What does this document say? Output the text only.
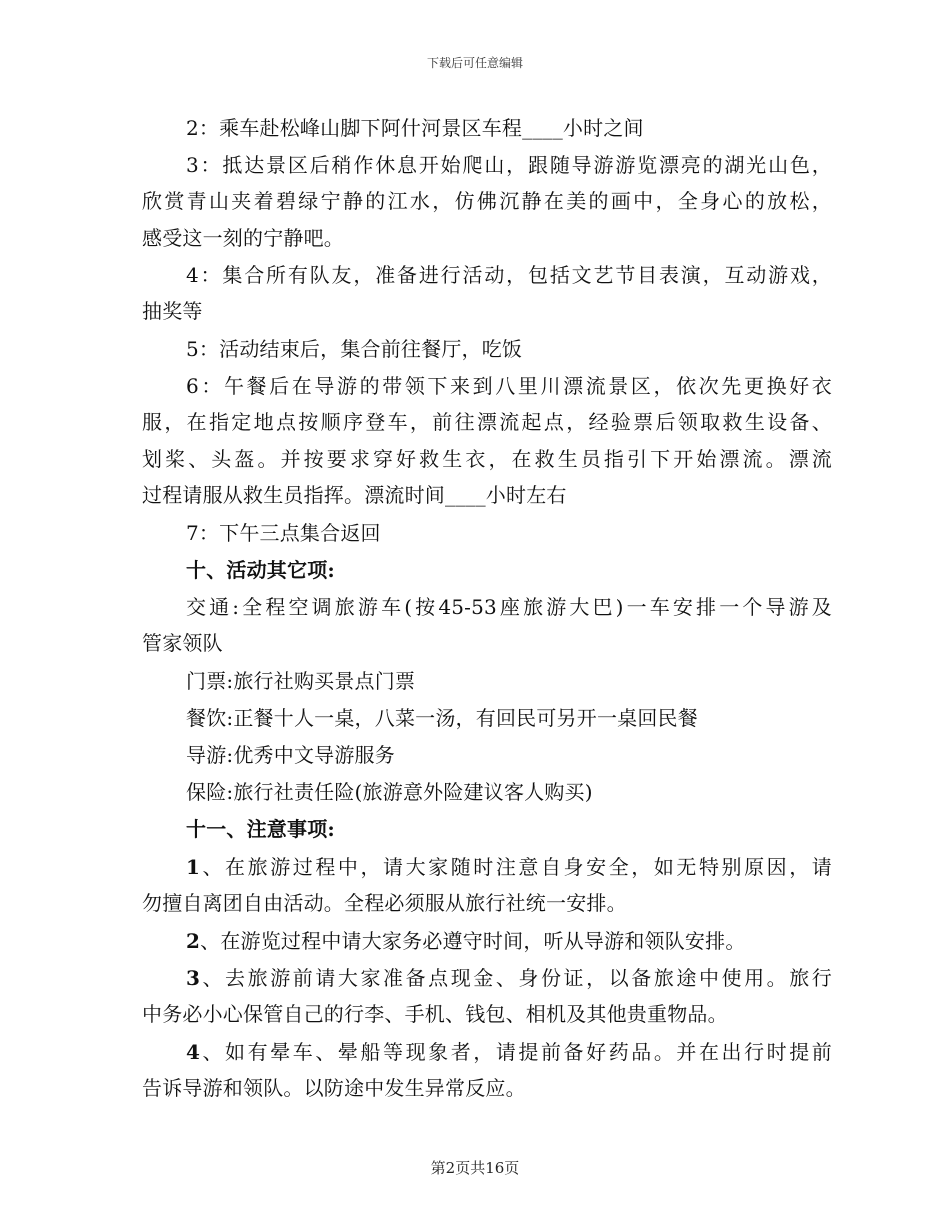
下载后可任意编辑
2：乘车赴松峰山脚下阿什河景区车程____小时之间
3：抵达景区后稍作休息开始爬山，跟随导游游览漂亮的湖光山色，
欣赏青山夹着碧绿宁静的江水，仿佛沉静在美的画中，全身心的放松，
感受这一刻的宁静吧。
4：集合所有队友，准备进行活动，包括文艺节目表演，互动游戏，
抽奖等
5：活动结束后，集合前往餐厅，吃饭
6：午餐后在导游的带领下来到八里川漂流景区，依次先更换好衣
服，在指定地点按顺序登车，前往漂流起点，经验票后领取救生设备、
划桨、头盔。并按要求穿好救生衣，在救生员指引下开始漂流。漂流
过程请服从救生员指挥。漂流时间____小时左右
7：下午三点集合返回
十、活动其它项:
交通:全程空调旅游车(按45-53座旅游大巴)一车安排一个导游及
管家领队
门票:旅行社购买景点门票
餐饮:正餐十人一桌，八菜一汤，有回民可另开一桌回民餐
导游:优秀中文导游服务
保险:旅行社责任险(旅游意外险建议客人购买)
十一、注意事项:
1、在旅游过程中，请大家随时注意自身安全，如无特别原因，请
勿擅自离团自由活动。全程必须服从旅行社统一安排。
2、在游览过程中请大家务必遵守时间，听从导游和领队安排。
3、去旅游前请大家准备点现金、身份证，以备旅途中使用。旅行
中务必小心保管自己的行李、手机、钱包、相机及其他贵重物品。
4、如有晕车、晕船等现象者，请提前备好药品。并在出行时提前
告诉导游和领队。以防途中发生异常反应。
第2页共16页
